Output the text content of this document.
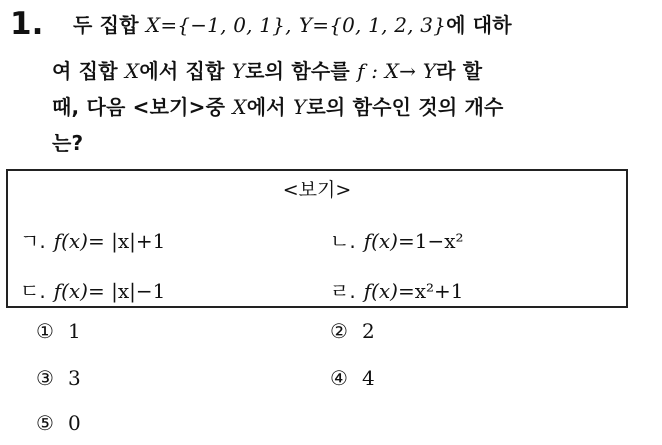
1. 두 집합 X={−1, 0, 1}, Y={0, 1, 2, 3}에 대하
여 집합 X에서 집합 Y로의 함수를 f : X→ Y라 할
때, 다음 <보기>중 X에서 Y로의 함수인 것의 개수
는?
<보기>
ㄱ. f(x)= |x|+1	ㄴ. f(x)=1−x²
ㄷ. f(x)= |x|−1	ㄹ. f(x)=x²+1
① 1	② 2
③ 3	④ 4
⑤ 0
